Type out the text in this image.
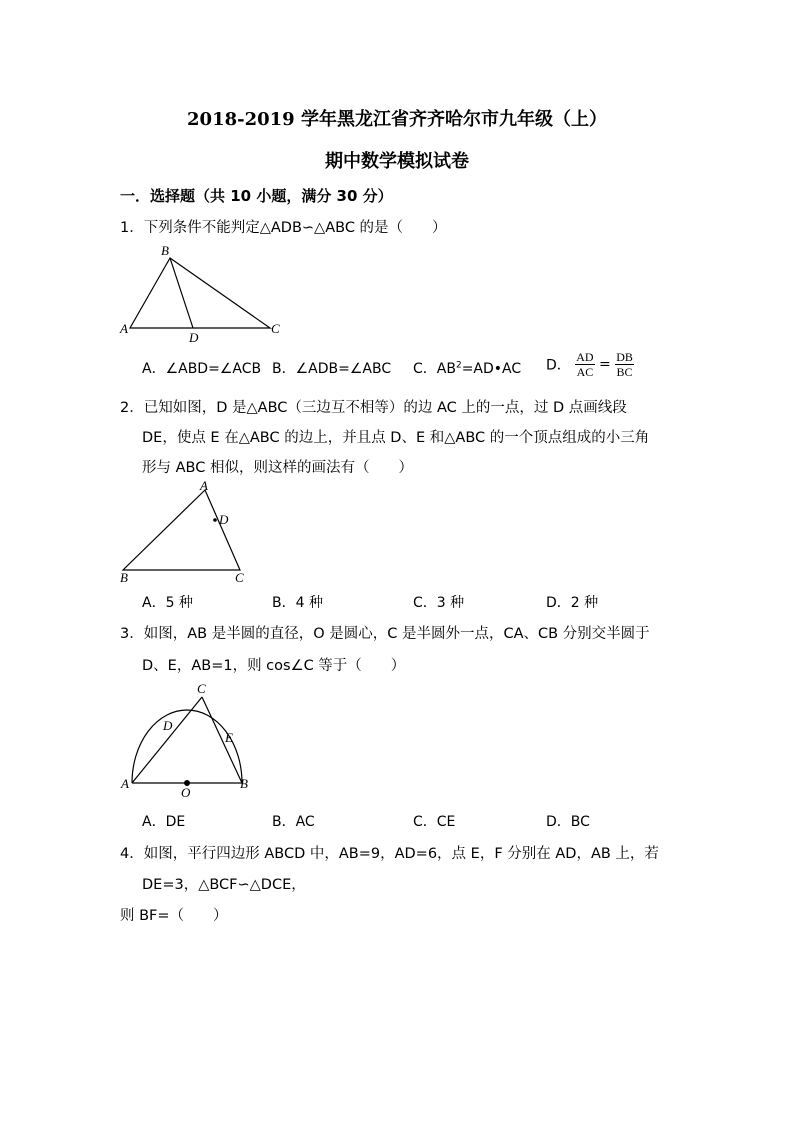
2018-2019 学年黑龙江省齐齐哈尔市九年级（上）
期中数学模拟试卷
一．选择题（共 10 小题，满分 30 分）
1．下列条件不能判定△ADB∽△ABC 的是（　　）
B
A	C
D
A．∠ABD=∠ACB B．∠ADB=∠ABC C．$AB^2=AD•AC$ D． $\frac{AD}{AC} = \frac{DB}{BC}$
2．已知如图，D 是△ABC（三边互不相等）的边 AC 上的一点，过 D 点画线段
DE，使点 E 在△ABC 的边上，并且点 D、E 和△ABC 的一个顶点组成的小三角
形与 ABC 相似，则这样的画法有（　　）
A
D
B	C
A．5 种	B．4 种	C．3 种	D．2 种
3．如图，AB 是半圆的直径，O 是圆心，C 是半圆外一点，CA、CB 分别交半圆于
D、E，AB=1，则 cos∠C 等于（　　）
C
D
E
A	B
O
A．DE	B．AC	C．CE	D．BC
4．如图，平行四边形 ABCD 中，AB=9，AD=6，点 E，F 分别在 AD，AB 上，若
DE=3，△BCF∽△DCE，
则 BF=（　　）
